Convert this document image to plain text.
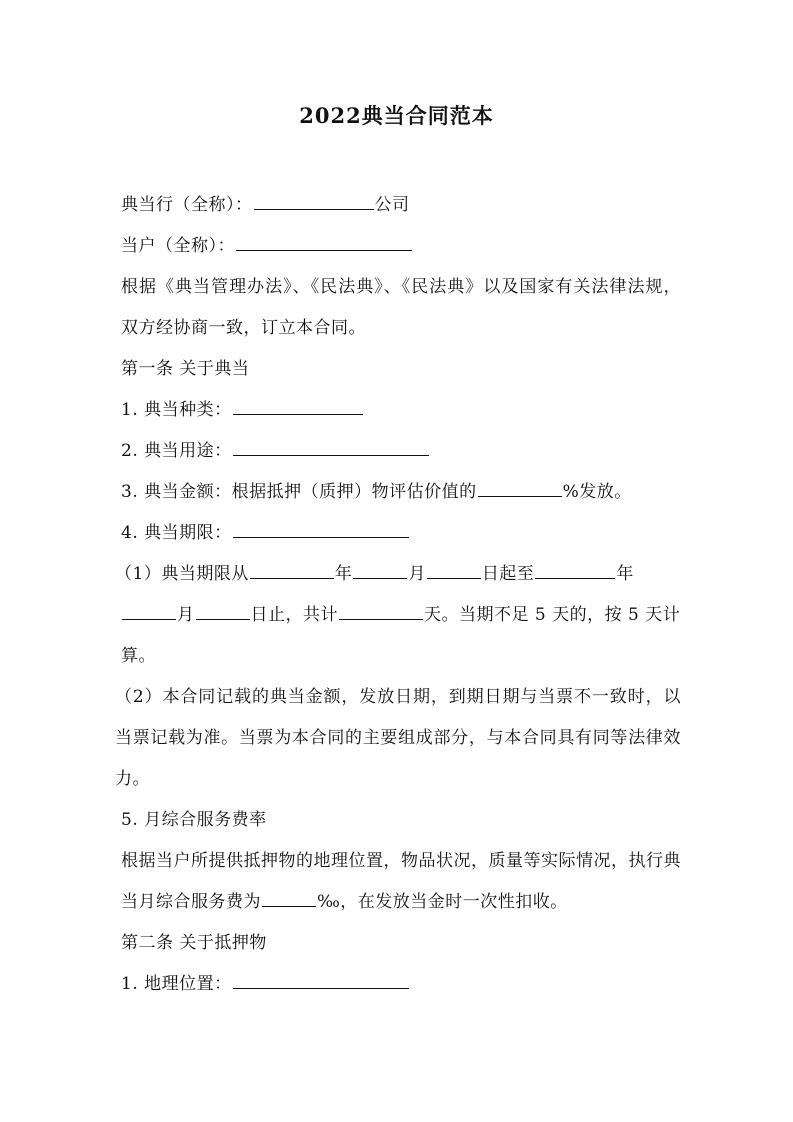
2022典当合同范本
典当行（全称）：	公司
当户（全称）：
根据《典当管理办法》、《民法典》、《民法典》以及国家有关法律法规，双方经协商一致，订立本合同。
第一条 关于典当
1. 典当种类：
2. 典当用途：
3. 典当金额：根据抵押（质押）物评估价值的	%发放。
4. 典当期限：
（1）典当期限从	年	月	日起至	年
月	日止，共计	天。当期不足 5 天的，按 5 天计算。
（2）本合同记载的典当金额，发放日期，到期日期与当票不一致时，以当票记载为准。当票为本合同的主要组成部分，与本合同具有同等法律效力。
5. 月综合服务费率
根据当户所提供抵押物的地理位置，物品状况，质量等实际情况，执行典当月综合服务费为	‰，在发放当金时一次性扣收。
第二条 关于抵押物
1. 地理位置：
